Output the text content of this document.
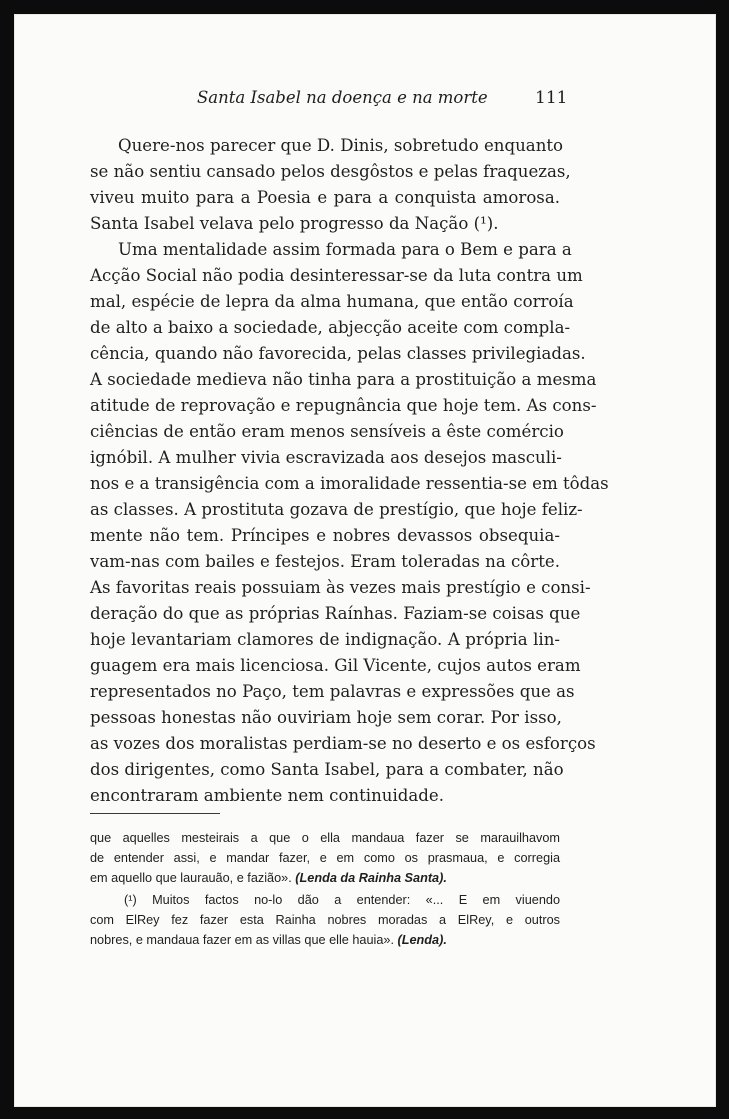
Santa Isabel na doença e na morte	111
Quere-nos parecer que D. Dinis, sobretudo enquanto
se não sentiu cansado pelos desgôstos e pelas fraquezas,
viveu muito para a Poesia e para a conquista amorosa.
Santa Isabel velava pelo progresso da Nação (¹).
Uma mentalidade assim formada para o Bem e para a
Acção Social não podia desinteressar-se da luta contra um
mal, espécie de lepra da alma humana, que então corroía
de alto a baixo a sociedade, abjecção aceite com compla-
cência, quando não favorecida, pelas classes privilegiadas.
A sociedade medieva não tinha para a prostituição a mesma
atitude de reprovação e repugnância que hoje tem. As cons-
ciências de então eram menos sensíveis a êste comércio
ignóbil. A mulher vivia escravizada aos desejos masculi-
nos e a transigência com a imoralidade ressentia-se em tôdas
as classes. A prostituta gozava de prestígio, que hoje feliz-
mente não tem. Príncipes e nobres devassos obsequia-
vam-nas com bailes e festejos. Eram toleradas na côrte.
As favoritas reais possuiam às vezes mais prestígio e consi-
deração do que as próprias Raínhas. Faziam-se coisas que
hoje levantariam clamores de indignação. A própria lin-
guagem era mais licenciosa. Gil Vicente, cujos autos eram
representados no Paço, tem palavras e expressões que as
pessoas honestas não ouviriam hoje sem corar. Por isso,
as vozes dos moralistas perdiam-se no deserto e os esforços
dos dirigentes, como Santa Isabel, para a combater, não
encontraram ambiente nem continuidade.
que aquelles mesteirais a que o ella mandaua fazer se marauilhavom
de entender assi, e mandar fazer, e em como os prasmaua, e corregia
em aquello que laurauão, e fazião». (Lenda da Rainha Santa).
(¹) Muitos factos no-lo dão a entender: «... E em viuendo
com ElRey fez fazer esta Rainha nobres moradas a ElRey, e outros
nobres, e mandaua fazer em as villas que elle hauia». (Lenda).
